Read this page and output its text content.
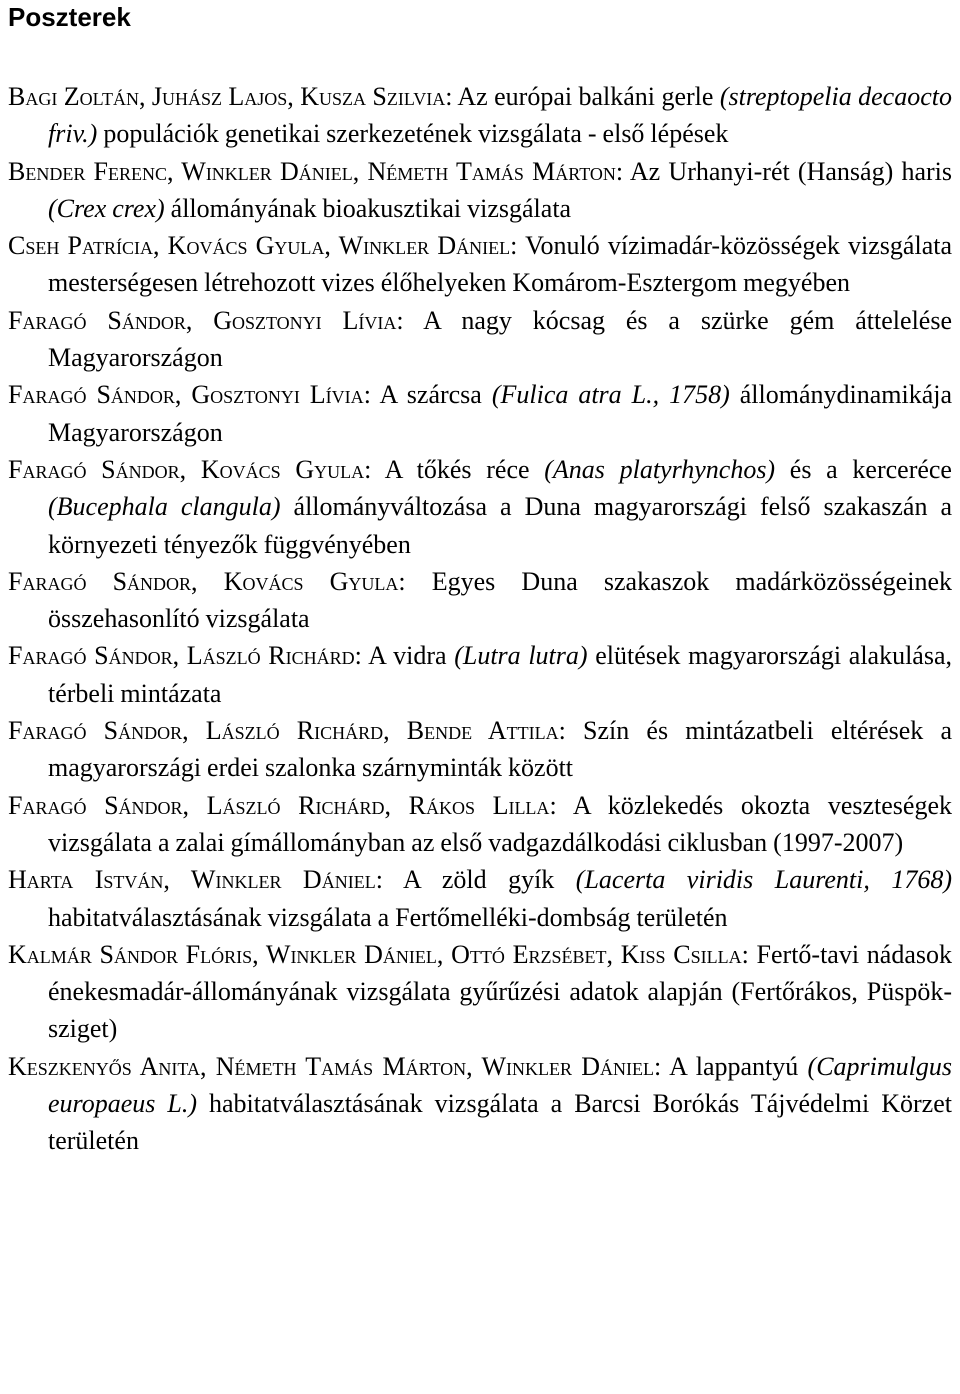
Poszterek
Bagi Zoltán, Juhász Lajos, Kusza Szilvia: Az európai balkáni gerle (streptopelia decaocto friv.) populációk genetikai szerkezetének vizsgálata - első lépések
Bender Ferenc, Winkler Dániel, Németh Tamás Márton: Az Urhanyi-rét (Hanság) haris (Crex crex) állományának bioakusztikai vizsgálata
Cseh Patrícia, Kovács Gyula, Winkler Dániel: Vonuló vízimadár-közösségek vizsgálata mesterségesen létrehozott vizes élőhelyeken Komárom-Esztergom megyében
Faragó Sándor, Gosztonyi Lívia: A nagy kócsag és a szürke gém áttelelése Magyarországon
Faragó Sándor, Gosztonyi Lívia: A szárcsa (Fulica atra L., 1758) állománydinamikája Magyarországon
Faragó Sándor, Kovács Gyula: A tőkés réce (Anas platyrhynchos) és a kercerécе (Bucephala clangula) állományváltozása a Duna magyarországi felső szakaszán a környezeti tényezők függvényében
Faragó Sándor, Kovács Gyula: Egyes Duna szakaszok madárközösségeinek összehasonlító vizsgálata
Faragó Sándor, László Richárd: A vidra (Lutra lutra) elütések magyarországi alakulása, térbeli mintázata
Faragó Sándor, László Richárd, Bende Attila: Szín és mintázatbeli eltérések a magyarországi erdei szalonka szárnyminták között
Faragó Sándor, László Richárd, Rákos Lilla: A közlekedés okozta veszteségek vizsgálata a zalai gímállományban az első vadgazdálkodási ciklusban (1997-2007)
Harta István, Winkler Dániel: A zöld gyík (Lacerta viridis Laurenti, 1768) habitatválasztásának vizsgálata a Fertőmelléki-dombság területén
Kalmár Sándor Flóris, Winkler Dániel, Ottó Erzsébet, Kiss Csilla: Fertő-tavi nádasok énekesmadár-állományának vizsgálata gyűrűzési adatok alapján (Fertőrákos, Püspök-sziget)
Keszkenyős Anita, Németh Tamás Márton, Winkler Dániel: A lappantyú (Caprimulgus europaeus L.) habitatválasztásának vizsgálata a Barcsi Borókás Tájvédelmi Körzet területén
